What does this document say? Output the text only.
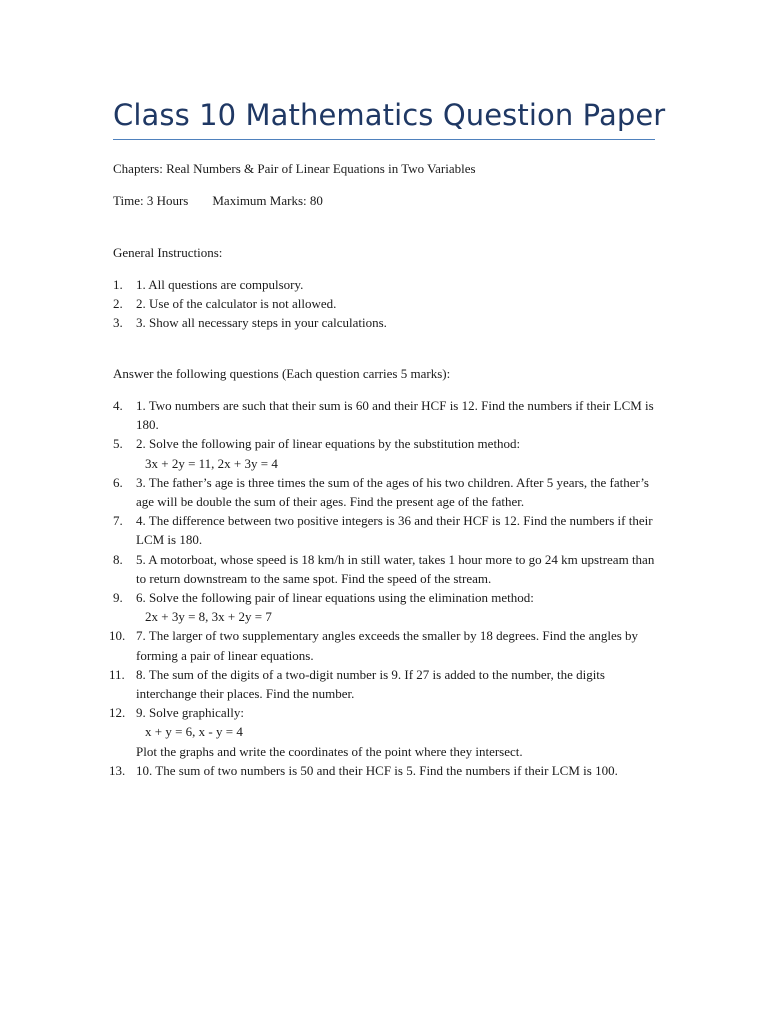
Class 10 Mathematics Question Paper
Chapters: Real Numbers & Pair of Linear Equations in Two Variables
Time: 3 Hours Maximum Marks: 80
General Instructions:
1.	1. All questions are compulsory.
2.	2. Use of the calculator is not allowed.
3.	3. Show all necessary steps in your calculations.
Answer the following questions (Each question carries 5 marks):
4.	1. Two numbers are such that their sum is 60 and their HCF is 12. Find the numbers if their LCM is 180.
5.	2. Solve the following pair of linear equations by the substitution method:
3x + 2y = 11, 2x + 3y = 4
6.	3. The father’s age is three times the sum of the ages of his two children. After 5 years, the father’s age will be double the sum of their ages. Find the present age of the father.
7.	4. The difference between two positive integers is 36 and their HCF is 12. Find the numbers if their LCM is 180.
8.	5. A motorboat, whose speed is 18 km/h in still water, takes 1 hour more to go 24 km upstream than to return downstream to the same spot. Find the speed of the stream.
9.	6. Solve the following pair of linear equations using the elimination method:
2x + 3y = 8, 3x + 2y = 7
10. 7. The larger of two supplementary angles exceeds the smaller by 18 degrees. Find the angles by forming a pair of linear equations.
11. 8. The sum of the digits of a two-digit number is 9. If 27 is added to the number, the digits interchange their places. Find the number.
12. 9. Solve graphically:
x + y = 6, x - y = 4
Plot the graphs and write the coordinates of the point where they intersect.
13. 10. The sum of two numbers is 50 and their HCF is 5. Find the numbers if their LCM is 100.
